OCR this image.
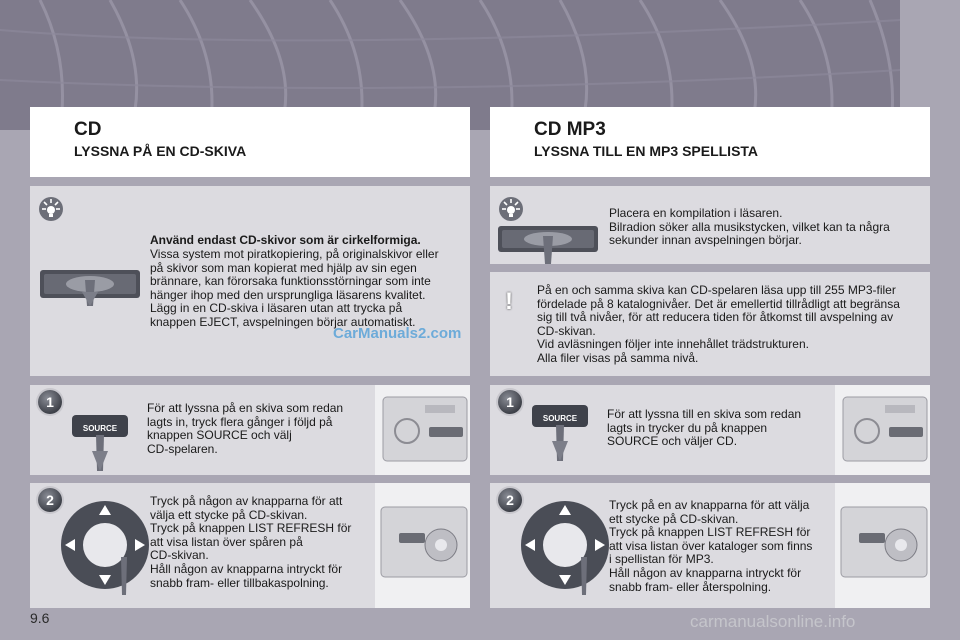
CD
LYSSNA PÅ EN CD-SKIVA
CD MP3
LYSSNA TILL EN MP3 SPELLISTA
Använd endast CD-skivor som är cirkelformiga.
Vissa system mot piratkopiering, på originalskivor eller
på skivor som man kopierat med hjälp av sin egen
brännare, kan förorsaka funktionsstörningar som inte
hänger ihop med den ursprungliga läsarens kvalitet.
Lägg in en CD-skiva i läsaren utan att trycka på
knappen EJECT, avspelningen börjar automatiskt.
1
SOURCE
För att lyssna på en skiva som redan
lagts in, tryck flera gånger i följd på
knappen SOURCE och välj
CD-spelaren.
2	Tryck på någon av knapparna för att
välja ett stycke på CD-skivan.
Tryck på knappen LIST REFRESH för
att visa listan över spåren på
CD-skivan.
Håll någon av knapparna intryckt för
snabb fram- eller tillbakaspolning.
Placera en kompilation i läsaren.
Bilradion söker alla musikstycken, vilket kan ta några
sekunder innan avspelningen börjar.
!	På en och samma skiva kan CD-spelaren läsa upp till 255 MP3-filer
fördelade på 8 katalognivåer. Det är emellertid tillrådligt att begränsa
sig till två nivåer, för att reducera tiden för åtkomst till avspelning av
CD-skivan.
Vid avläsningen följer inte innehållet trädstrukturen.
Alla filer visas på samma nivå.
1
SOURCE För att lyssna till en skiva som redan
lagts in trycker du på knappen
SOURCE och väljer CD.
2	Tryck på en av knapparna för att välja
ett stycke på CD-skivan.
Tryck på knappen LIST REFRESH för
att visa listan över kataloger som finns
i spellistan för MP3.
Håll någon av knapparna intryckt för
snabb fram- eller återspolning.
9.6
CarManuals2.com
carmanualsonline.info
